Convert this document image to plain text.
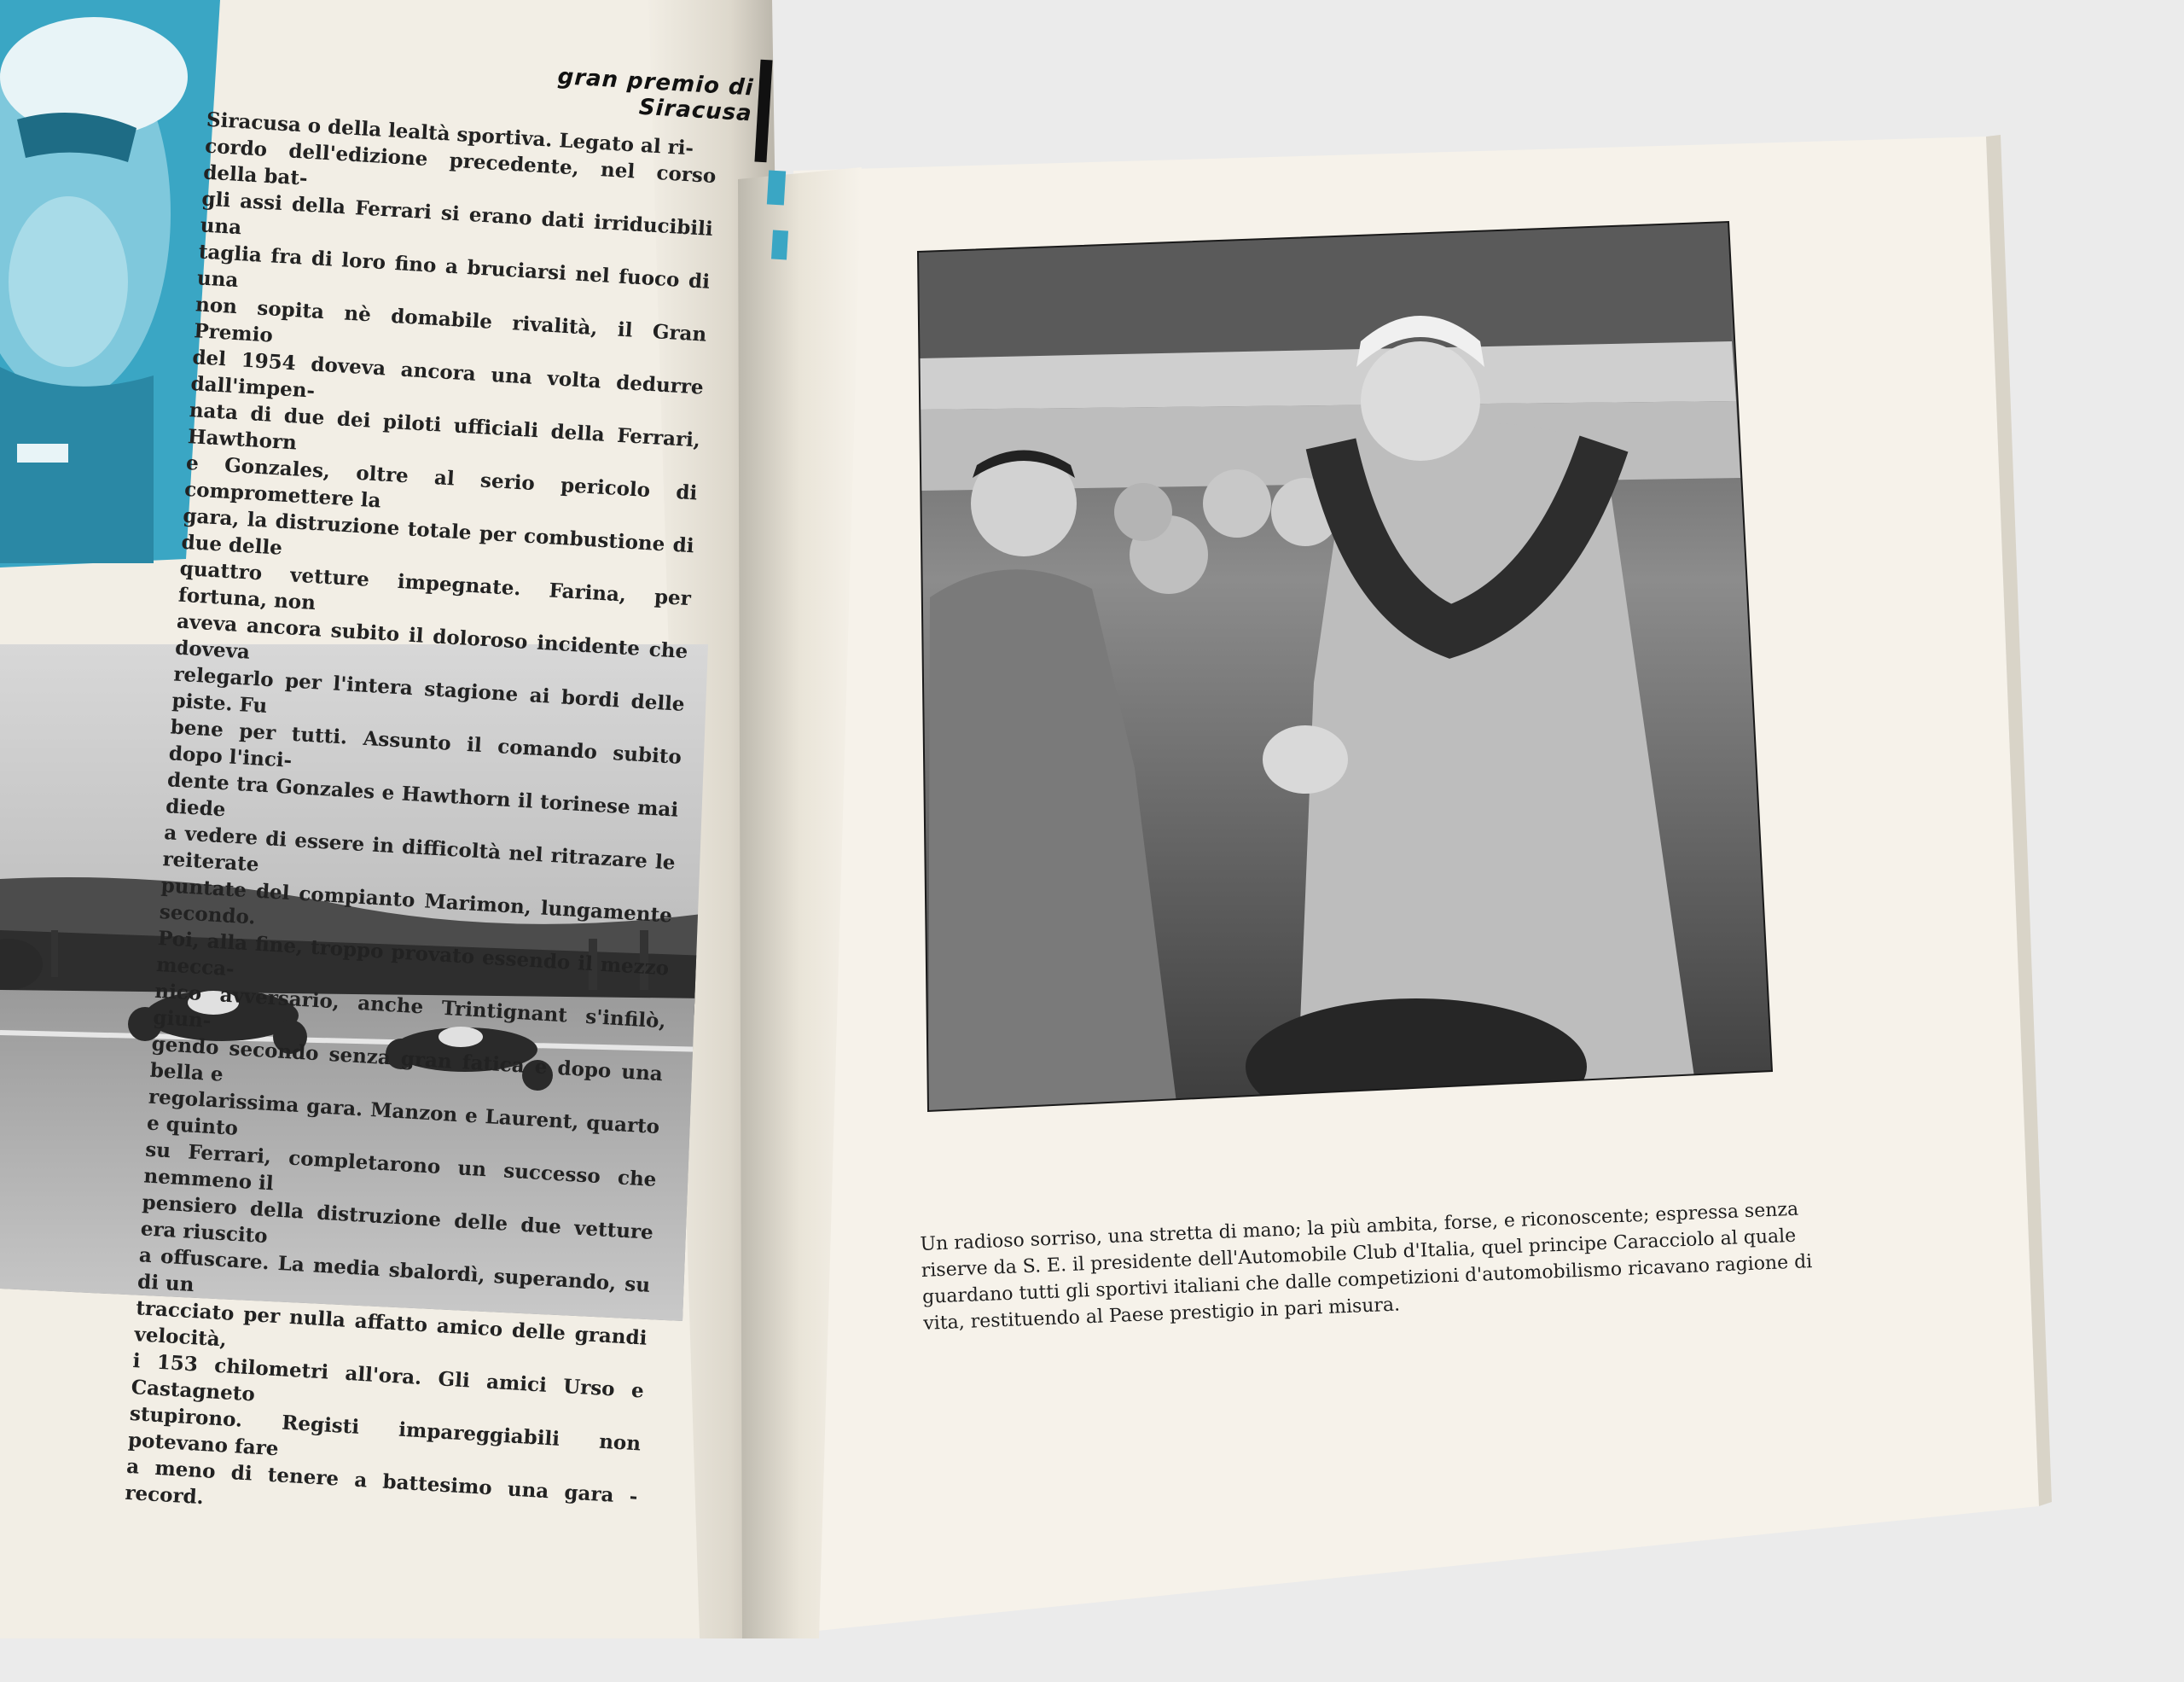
gran premio di Siracusa

Siracusa o della lealtà sportiva. Legato al ri-
cordo dell'edizione precedente, nel corso della bat-
gli assi della Ferrari si erano dati irriducibili una
taglia fra di loro fino a bruciarsi nel fuoco di una
non sopita nè domabile rivalità, il Gran Premio
del 1954 doveva ancora una volta dedurre dall'impen-
nata di due dei piloti ufficiali della Ferrari, Hawthorn
e Gonzales, oltre al serio pericolo di compromettere la
gara, la distruzione totale per combustione di due delle
quattro vetture impegnate. Farina, per fortuna, non
aveva ancora subito il doloroso incidente che doveva
relegarlo per l'intera stagione ai bordi delle piste. Fu
bene per tutti. Assunto il comando subito dopo l'inci-
dente tra Gonzales e Hawthorn il torinese mai diede
a vedere di essere in difficoltà nel ritrazare le reiterate
puntate del compianto Marimon, lungamente secondo.
Poi, alla fine, troppo provato essendo il mezzo mecca-
nico avversario, anche Trintignant s'infilò, giun-
gendo secondo senza gran fatica e dopo una bella e
regolarissima gara. Manzon e Laurent, quarto e quinto
su Ferrari, completarono un successo che nemmeno il
pensiero della distruzione delle due vetture era riuscito
a offuscare. La media sbalordì, superando, su di un
tracciato per nulla affatto amico delle grandi velocità,
i 153 chilometri all'ora. Gli amici Urso e Castagneto
stupirono. Registi impareggiabili non potevano fare
a meno di tenere a battesimo una gara - record.

Un radioso sorriso, una stretta di mano; la più ambita, forse, e riconoscente; espressa senza
riserve da S. E. il presidente dell'Automobile Club d'Italia, quel principe Caracciolo al quale
guardano tutti gli sportivi italiani che dalle competizioni d'automobilismo ricavano ragione di
vita, restituendo al Paese prestigio in pari misura.
